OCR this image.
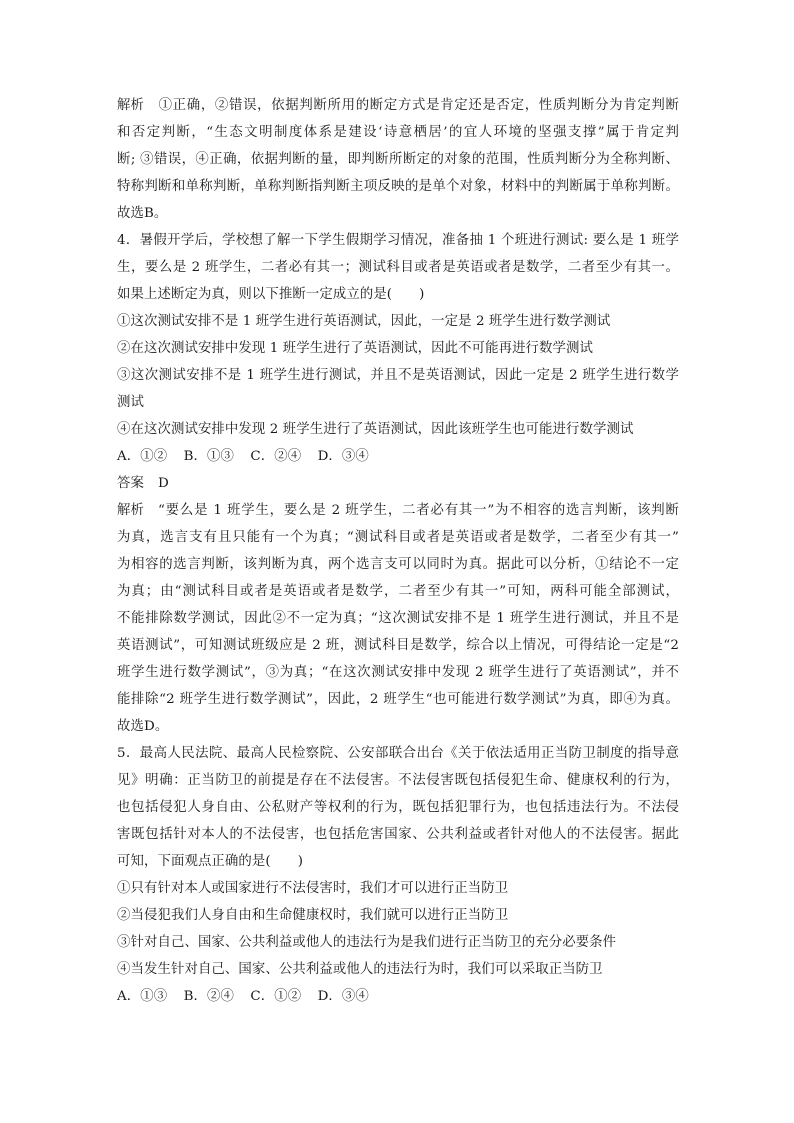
解析 ①正确，②错误，依据判断所用的断定方式是肯定还是否定，性质判断分为肯定判断
和否定判断，“生态文明制度体系是建设‘诗意栖居’的宜人环境的坚强支撑”属于肯定判
断; ③错误，④正确，依据判断的量，即判断所断定的对象的范围，性质判断分为全称判断、
特称判断和单称判断，单称判断指判断主项反映的是单个对象，材料中的判断属于单称判断。
故选B。
4．暑假开学后，学校想了解一下学生假期学习情况，准备抽 1 个班进行测试: 要么是 1 班学
生，要么是 2 班学生，二者必有其一；测试科目或者是英语或者是数学，二者至少有其一。
如果上述断定为真，则以下推断一定成立的是(　　)
①这次测试安排不是 1 班学生进行英语测试，因此，一定是 2 班学生进行数学测试
②在这次测试安排中发现 1 班学生进行了英语测试，因此不可能再进行数学测试
③这次测试安排不是 1 班学生进行测试，并且不是英语测试，因此一定是 2 班学生进行数学
测试
④在这次测试安排中发现 2 班学生进行了英语测试，因此该班学生也可能进行数学测试
A．①② B．①③ C．②④ D．③④
答案 D
解析 “要么是 1 班学生，要么是 2 班学生，二者必有其一”为不相容的选言判断，该判断
为真，选言支有且只能有一个为真；“测试科目或者是英语或者是数学，二者至少有其一”
为相容的选言判断，该判断为真，两个选言支可以同时为真。据此可以分析，①结论不一定
为真；由“测试科目或者是英语或者是数学，二者至少有其一”可知，两科可能全部测试，
不能排除数学测试，因此②不一定为真；“这次测试安排不是 1 班学生进行测试，并且不是
英语测试”，可知测试班级应是 2 班，测试科目是数学，综合以上情况，可得结论一定是“2
班学生进行数学测试”，③为真；“在这次测试安排中发现 2 班学生进行了英语测试”，并不
能排除“2 班学生进行数学测试”，因此，2 班学生“也可能进行数学测试”为真，即④为真。
故选D。
5．最高人民法院、最高人民检察院、公安部联合出台《关于依法适用正当防卫制度的指导意
见》明确：正当防卫的前提是存在不法侵害。不法侵害既包括侵犯生命、健康权利的行为，
也包括侵犯人身自由、公私财产等权利的行为，既包括犯罪行为，也包括违法行为。不法侵
害既包括针对本人的不法侵害，也包括危害国家、公共利益或者针对他人的不法侵害。据此
可知，下面观点正确的是(　　)
①只有针对本人或国家进行不法侵害时，我们才可以进行正当防卫
②当侵犯我们人身自由和生命健康权时，我们就可以进行正当防卫
③针对自己、国家、公共利益或他人的违法行为是我们进行正当防卫的充分必要条件
④当发生针对自己、国家、公共利益或他人的违法行为时，我们可以采取正当防卫
A．①③ B．②④ C．①② D．③④
